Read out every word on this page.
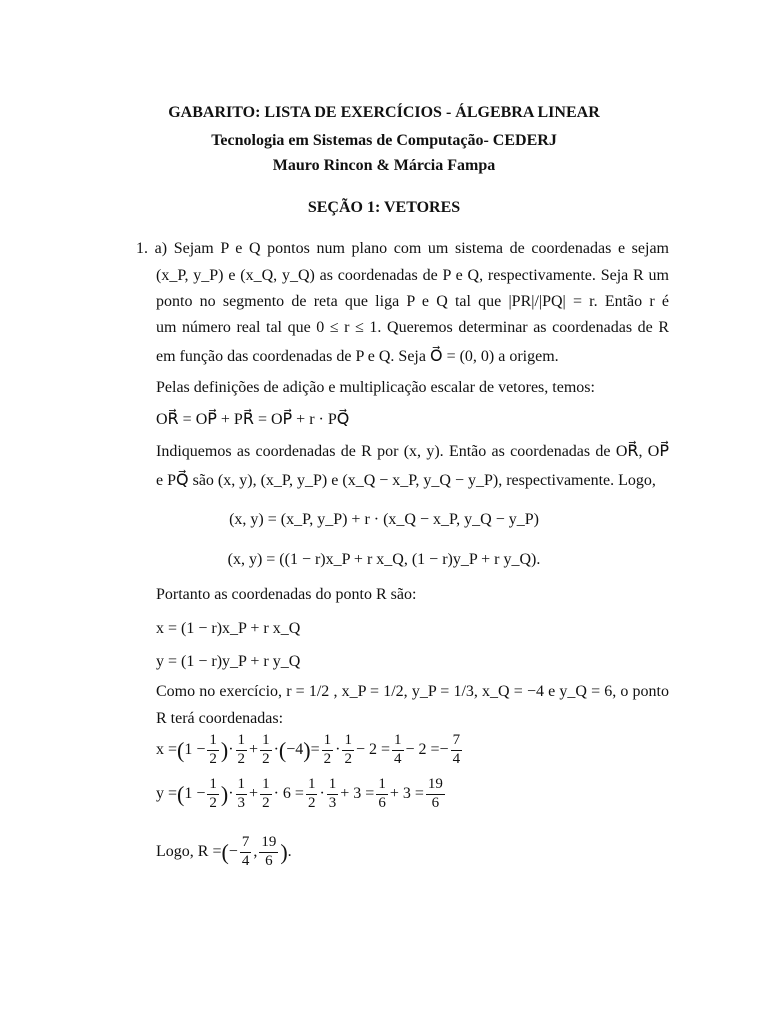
GABARITO: LISTA DE EXERCÍCIOS - ÁLGEBRA LINEAR
Tecnologia em Sistemas de Computação- CEDERJ
Mauro Rincon & Márcia Fampa
SEÇÃO 1: VETORES
1. a) Sejam P e Q pontos num plano com um sistema de coordenadas e sejam
(x_P, y_P) e (x_Q, y_Q) as coordenadas de P e Q, respectivamente. Seja R um
ponto no segmento de reta que liga P e Q tal que |PR|/|PQ| = r. Então r é
um número real tal que 0 ≤ r ≤ 1. Queremos determinar as coordenadas de R
em função das coordenadas de P e Q. Seja O⃗ = (0, 0) a origem.
Pelas definições de adição e multiplicação escalar de vetores, temos:
OR⃗ = OP⃗ + PR⃗ = OP⃗ + r · PQ⃗
Indiquemos as coordenadas de R por (x, y). Então as coordenadas de OR⃗, OP⃗
e PQ⃗ são (x, y), (x_P, y_P) e (x_Q − x_P, y_Q − y_P), respectivamente. Logo,
(x, y) = (x_P, y_P) + r · (x_Q − x_P, y_Q − y_P)
(x, y) = ((1 − r)x_P + r x_Q, (1 − r)y_P + r y_Q).
Portanto as coordenadas do ponto R são:
x = (1 − r)x_P + r x_Q
y = (1 − r)y_P + r y_Q
Como no exercício, r = 1/2 , x_P = 1/2, y_P = 1/3, x_Q = −4 e y_Q = 6, o ponto
R terá coordenadas:
$x =(1 - \frac{1}{2}$ )· $\frac{1}{2} + \frac{1}{2} \cdot(-4)= \frac{1}{2} \cdot \frac{1}{2} - 2 = \frac{1}{4} - 2 =- \frac{7}{4}$
$y =(1 - \frac{1}{2}$ )· $\frac{1}{3} + \frac{1}{2} \cdot 6 = \frac{1}{2} \cdot \frac{1}{3} + 3 = \frac{1}{6} + 3 = \frac{19}{6}$
Logo, R =(− $\frac{7}{4}$ , $\frac{19}{6}$ ).
